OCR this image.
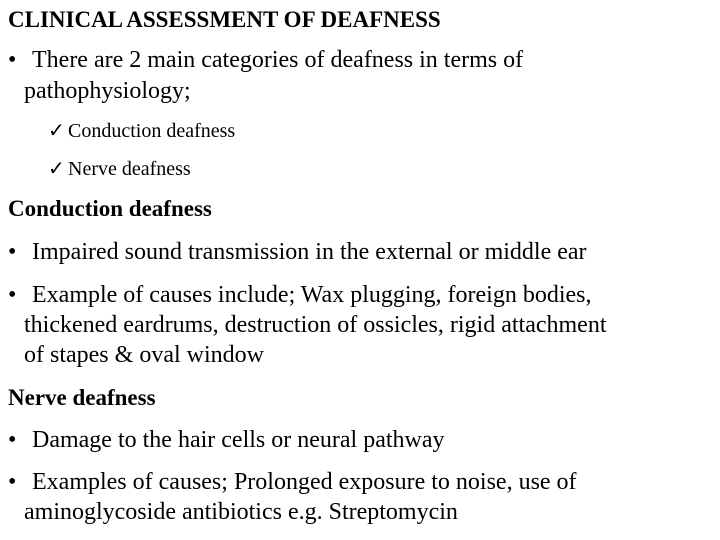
CLINICAL ASSESSMENT OF DEAFNESS
• There are 2 main categories of deafness in terms of
pathophysiology;
✓ Conduction deafness
✓ Nerve deafness
Conduction deafness
• Impaired sound transmission in the external or middle ear
• Example of causes include; Wax plugging, foreign bodies,
thickened eardrums, destruction of ossicles, rigid attachment
of stapes & oval window
Nerve deafness
• Damage to the hair cells or neural pathway
• Examples of causes; Prolonged exposure to noise, use of
aminoglycoside antibiotics e.g. Streptomycin
